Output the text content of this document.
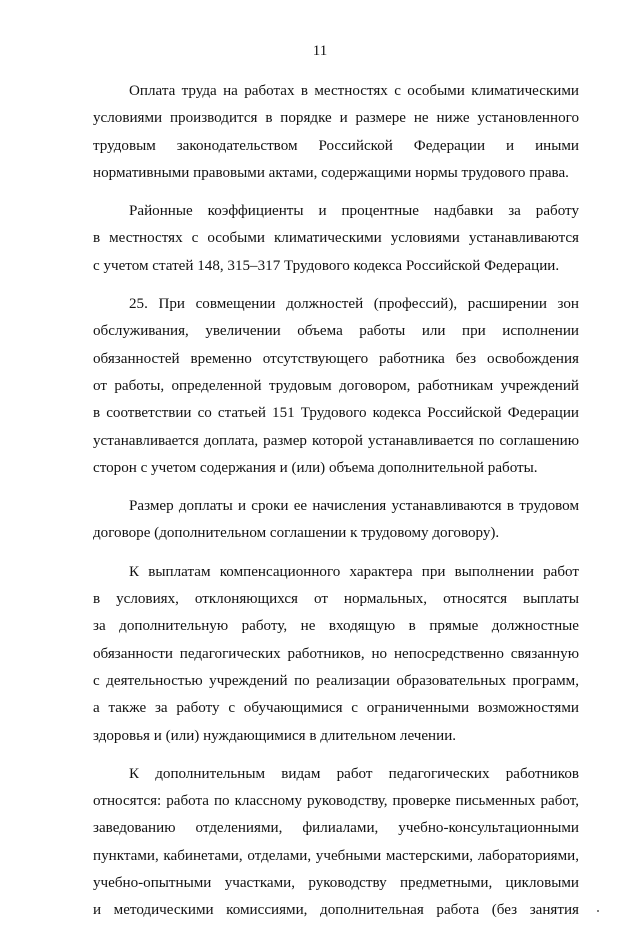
11
Оплата труда на работах в местностях с особыми климатическими
условиями производится в порядке и размере не ниже установленного
трудовым законодательством Российской Федерации и иными
нормативными правовыми актами, содержащими нормы трудового права.
Районные коэффициенты и процентные надбавки за работу
в местностях с особыми климатическими условиями устанавливаются
с учетом статей 148, 315–317 Трудового кодекса Российской Федерации.
25. При совмещении должностей (профессий), расширении зон
обслуживания, увеличении объема работы или при исполнении
обязанностей временно отсутствующего работника без освобождения
от работы, определенной трудовым договором, работникам учреждений
в соответствии со статьей 151 Трудового кодекса Российской Федерации
устанавливается доплата, размер которой устанавливается по соглашению
сторон с учетом содержания и (или) объема дополнительной работы.
Размер доплаты и сроки ее начисления устанавливаются в трудовом
договоре (дополнительном соглашении к трудовому договору).
К выплатам компенсационного характера при выполнении работ
в условиях, отклоняющихся от нормальных, относятся выплаты
за дополнительную работу, не входящую в прямые должностные
обязанности педагогических работников, но непосредственно связанную
с деятельностью учреждений по реализации образовательных программ,
а также за работу с обучающимися с ограниченными возможностями
здоровья и (или) нуждающимися в длительном лечении.
К дополнительным видам работ педагогических работников
относятся: работа по классному руководству, проверке письменных работ,
заведованию отделениями, филиалами, учебно-консультационными
пунктами, кабинетами, отделами, учебными мастерскими, лабораториями,
учебно-опытными участками, руководству предметными, цикловыми
и методическими комиссиями, дополнительная работа (без занятия
